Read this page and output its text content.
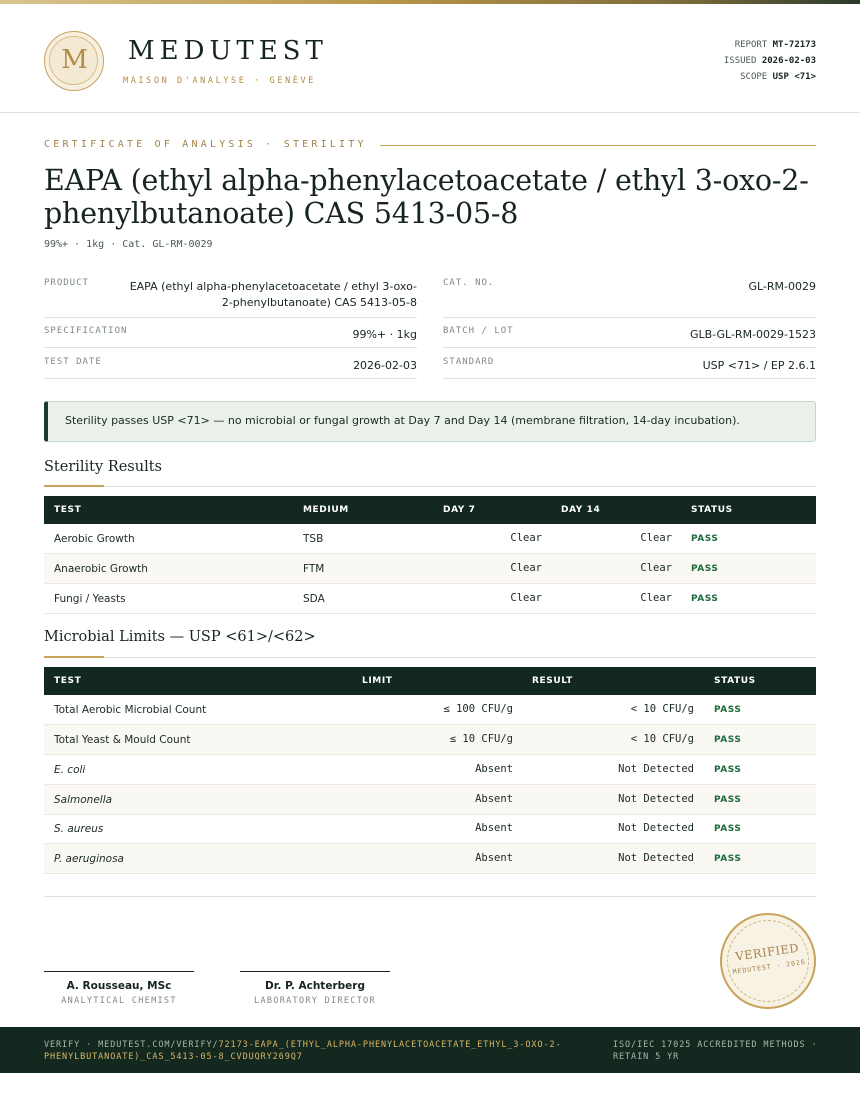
M	MEDUTEST
MAISON D'ANALYSE · GENÈVE
REPORT MT-72173
ISSUED 2026-02-03
SCOPE USP <71>
CERTIFICATE OF ANALYSIS · STERILITY
EAPA (ethyl alpha-phenylacetoacetate / ethyl 3-oxo-2-phenylbutanoate) CAS 5413-05-8
99%+ · 1kg · Cat. GL-RM-0029
PRODUCT	EAPA (ethyl alpha-phenylacetoacetate / ethyl 3-oxo-2-phenylbutanoate) CAS 5413-05-8
CAT. NO.	GL-RM-0029
SPECIFICATION	99%+ · 1kg	BATCH / LOT	GLB-GL-RM-0029-1523
TEST DATE	2026-02-03	STANDARD	USP <71> / EP 2.6.1
Sterility passes USP <71> — no microbial or fungal growth at Day 7 and Day 14 (membrane filtration, 14-day incubation).
Sterility Results
TEST	MEDIUM	DAY 7	DAY 14	STATUS
Aerobic Growth	TSB	Clear	Clear PASS
Anaerobic Growth	FTM	Clear	Clear PASS
Fungi / Yeasts	SDA	Clear	Clear PASS
Microbial Limits — USP <61>/<62>
TEST	LIMIT	RESULT	STATUS
Total Aerobic Microbial Count	≤ 100 CFU/g	< 10 CFU/g PASS
Total Yeast & Mould Count	≤ 10 CFU/g	< 10 CFU/g PASS
E. coli	Absent	Not Detected PASS
Salmonella	Absent	Not Detected PASS
S. aureus	Absent	Not Detected PASS
P. aeruginosa	Absent	Not Detected PASS
A. Rousseau, MSc
ANALYTICAL CHEMIST
Dr. P. Achterberg
LABORATORY DIRECTOR
VERIFIED
MEDUTEST · 2026
VERIFY · MEDUTEST.COM/VERIFY/72173-EAPA_(ETHYL_ALPHA-PHENYLACETOACETATE_ETHYL_3-OXO-2-PHENYLBUTANOATE)_CAS_5413-05-8_CVDUQRY269Q7
ISO/IEC 17025 ACCREDITED METHODS · RETAIN 5 YR
